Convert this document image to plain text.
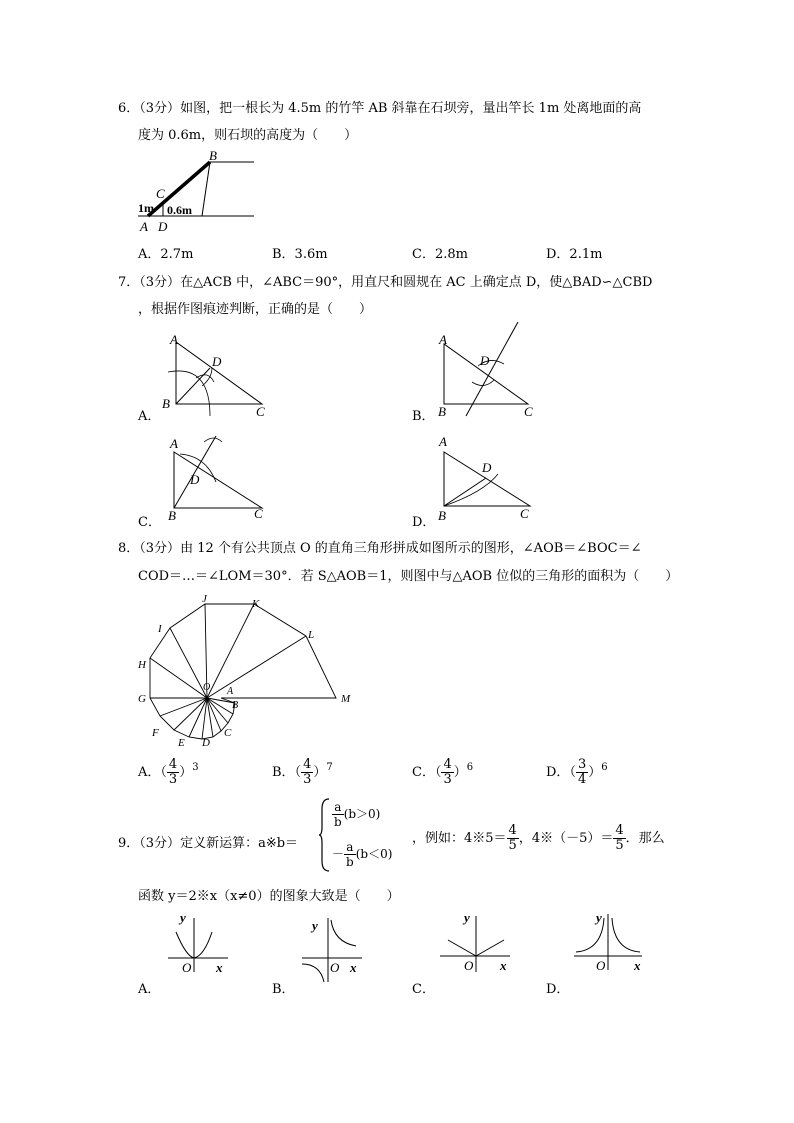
6．（3分）如图，把一根长为 4.5m 的竹竿 AB 斜靠在石坝旁，量出竿长 1m 处离地面的高
度为 0.6m，则石坝的高度为（　　）
B
C
1m 0.6m
A D
A．2.7m	B．3.6m	C．2.8m	D．2.1m
7．（3分）在△ACB 中，∠ABC＝90°，用直尺和圆规在 AC 上确定点 D，使△BAD∽△CBD
，根据作图痕迹判断，正确的是（　　）
A．
A
D
B
C	B．
A
D
B	C
C．
A
D
B	C
D．
A
D
B	C
8．（3分）由 12 个有公共顶点 O 的直角三角形拼成如图所示的图形，∠AOB＝∠BOC＝∠
COD＝…＝∠LOM＝30°．若 S△AOB＝1，则图中与△AOB 位似的三角形的面积为（　　）
J	K
I	L
H
G
O A
M
B
F	C
E D
A．（ $\frac{4}{3} )^3$	B．（ $\frac{4}{3} )^7$	C．（ $\frac{4}{3} )^6$	D．（ $\frac{3}{4} )^6$
9．（3分）定义新运算：a※b＝
$\frac{a}{b} (b>0)$
－ $\frac{a}{b} (b<0)$
，例如：4※5＝ $\frac{4}{5}$ ，4※（－5）＝ $\frac{4}{5}$ ．那么
函数 y＝2※x（x≠0）的图象大致是（　　）
A．
y
O x
B．
y
O x
C．
y
O x
D．
y
O x
